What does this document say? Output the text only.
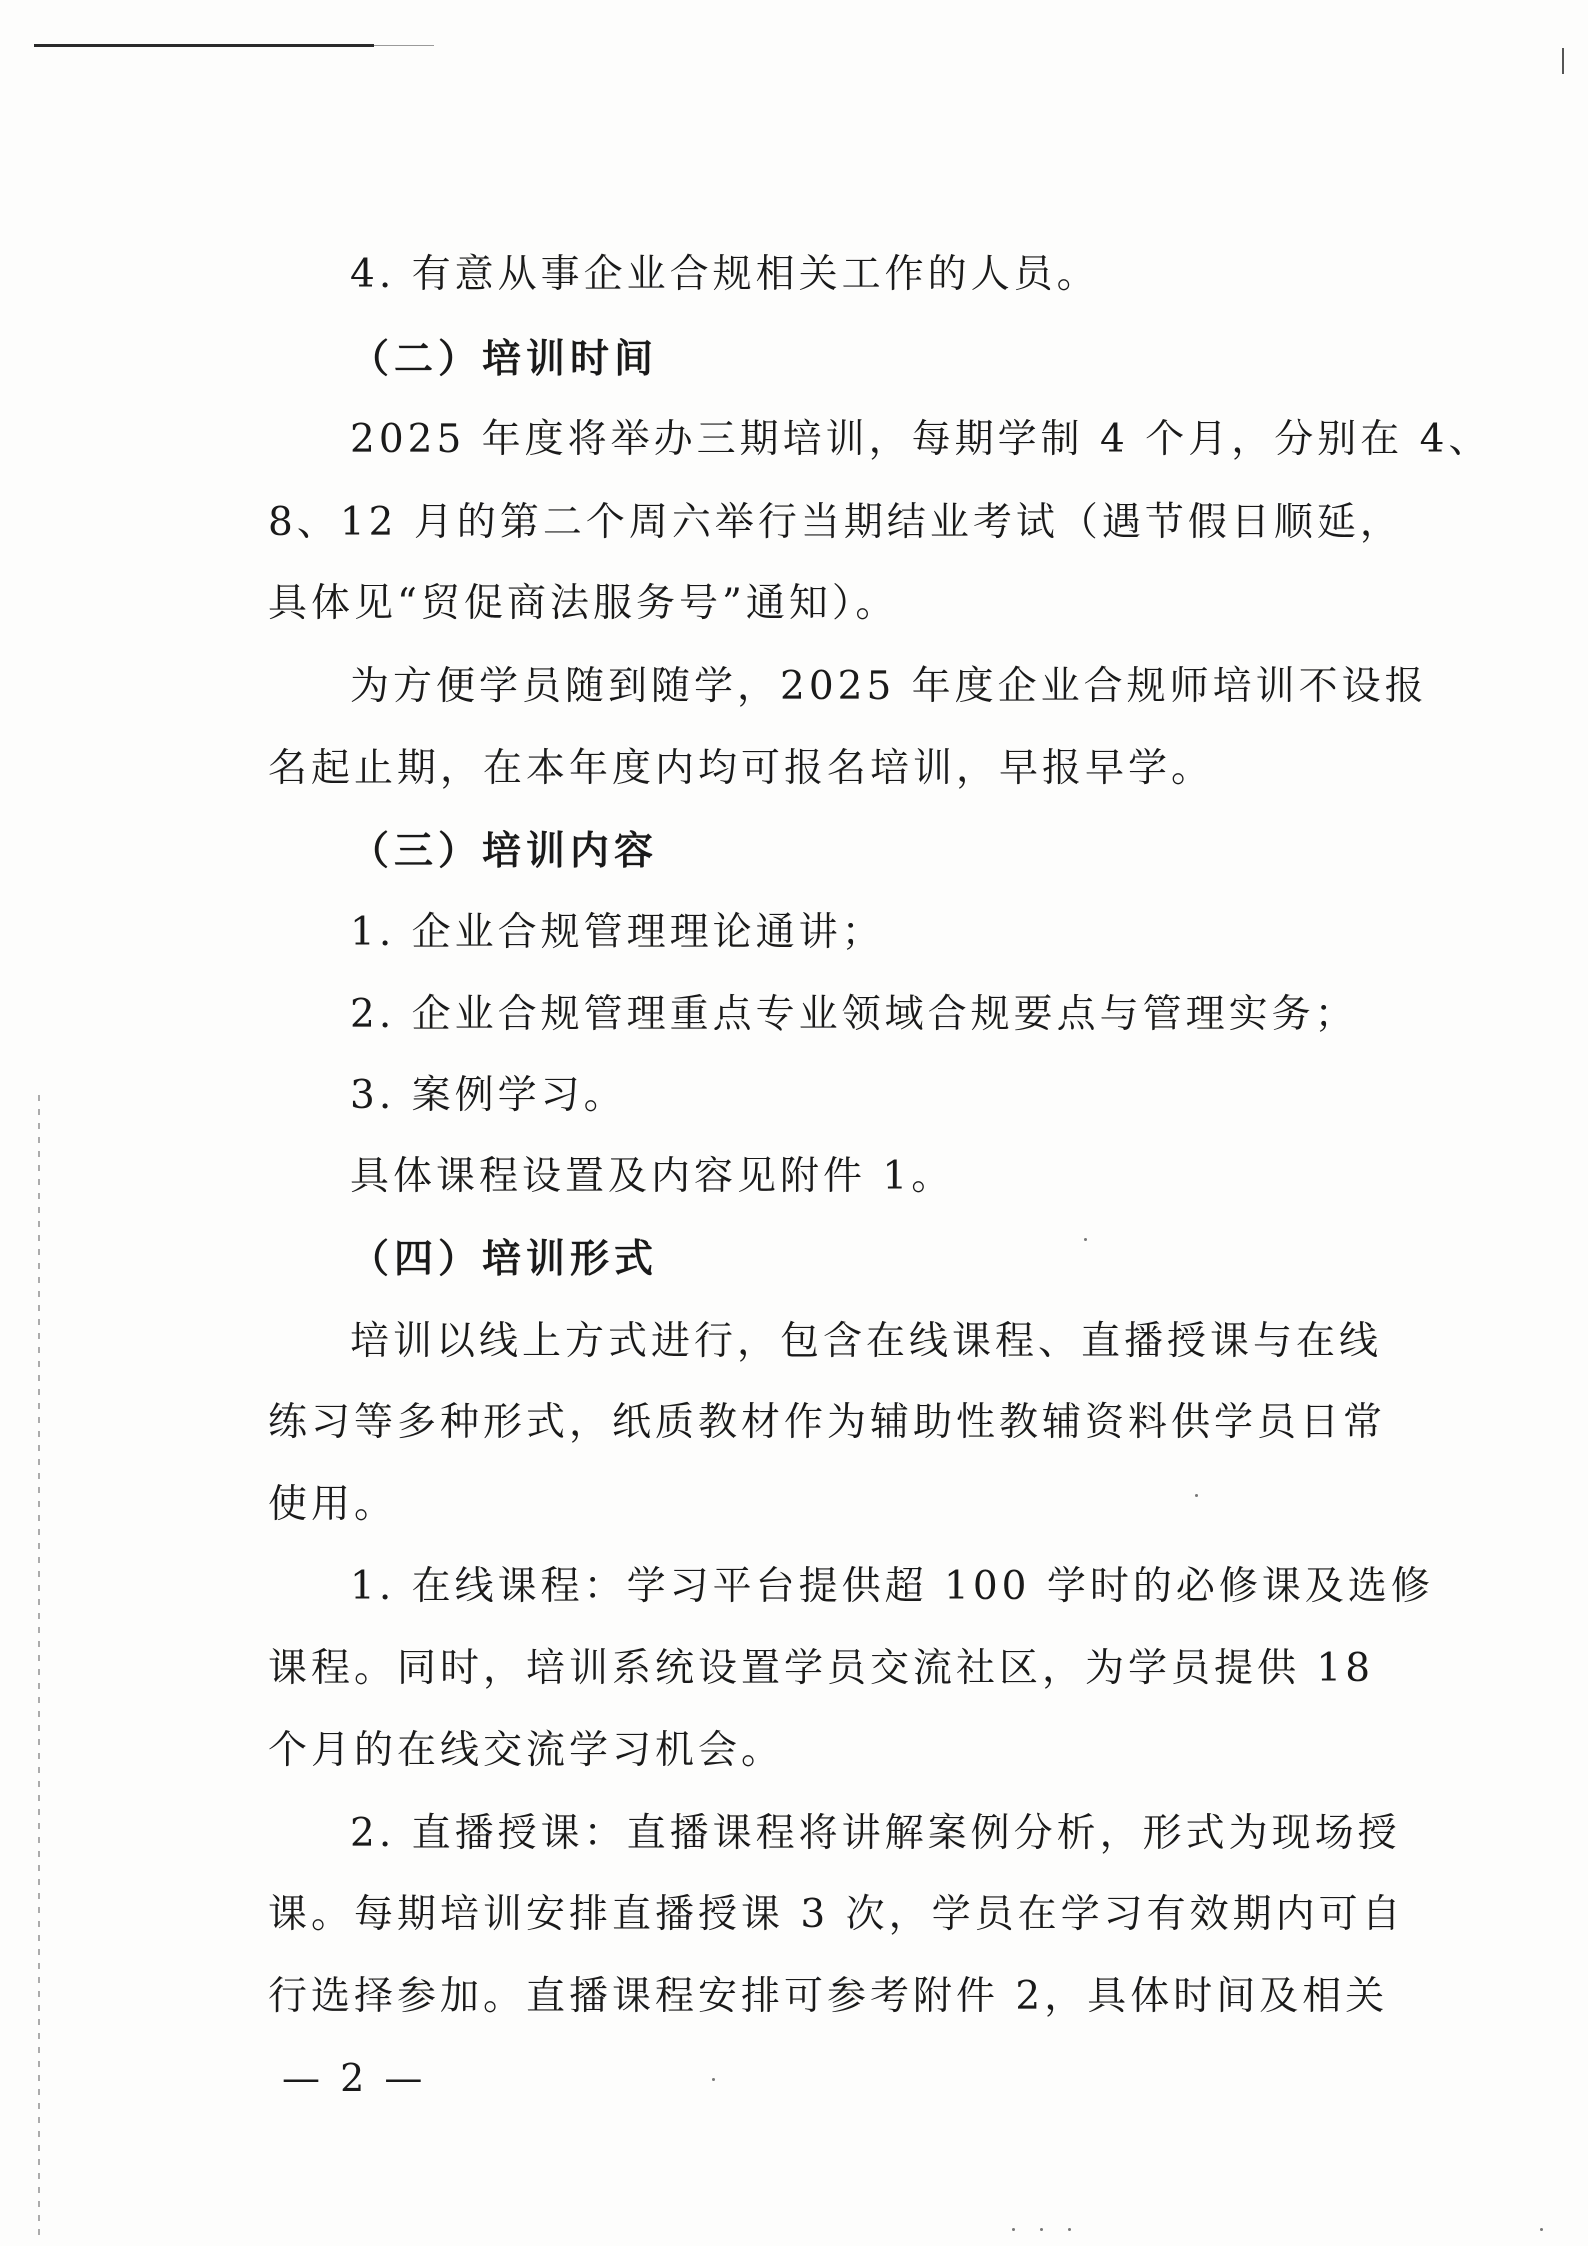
4. 有意从事企业合规相关工作的人员。
（二）培训时间
2025 年度将举办三期培训，每期学制 4 个月，分别在 4、
8、12 月的第二个周六举行当期结业考试（遇节假日顺延，
具体见“贸促商法服务号”通知）。
为方便学员随到随学，2025 年度企业合规师培训不设报
名起止期，在本年度内均可报名培训，早报早学。
（三）培训内容
1. 企业合规管理理论通讲；
2. 企业合规管理重点专业领域合规要点与管理实务；
3. 案例学习。
具体课程设置及内容见附件 1。
（四）培训形式
培训以线上方式进行，包含在线课程、直播授课与在线
练习等多种形式，纸质教材作为辅助性教辅资料供学员日常
使用。
1. 在线课程：学习平台提供超 100 学时的必修课及选修
课程。同时，培训系统设置学员交流社区，为学员提供 18
个月的在线交流学习机会。
2. 直播授课：直播课程将讲解案例分析，形式为现场授
课。每期培训安排直播授课 3 次，学员在学习有效期内可自
行选择参加。直播课程安排可参考附件 2，具体时间及相关
— 2 —
